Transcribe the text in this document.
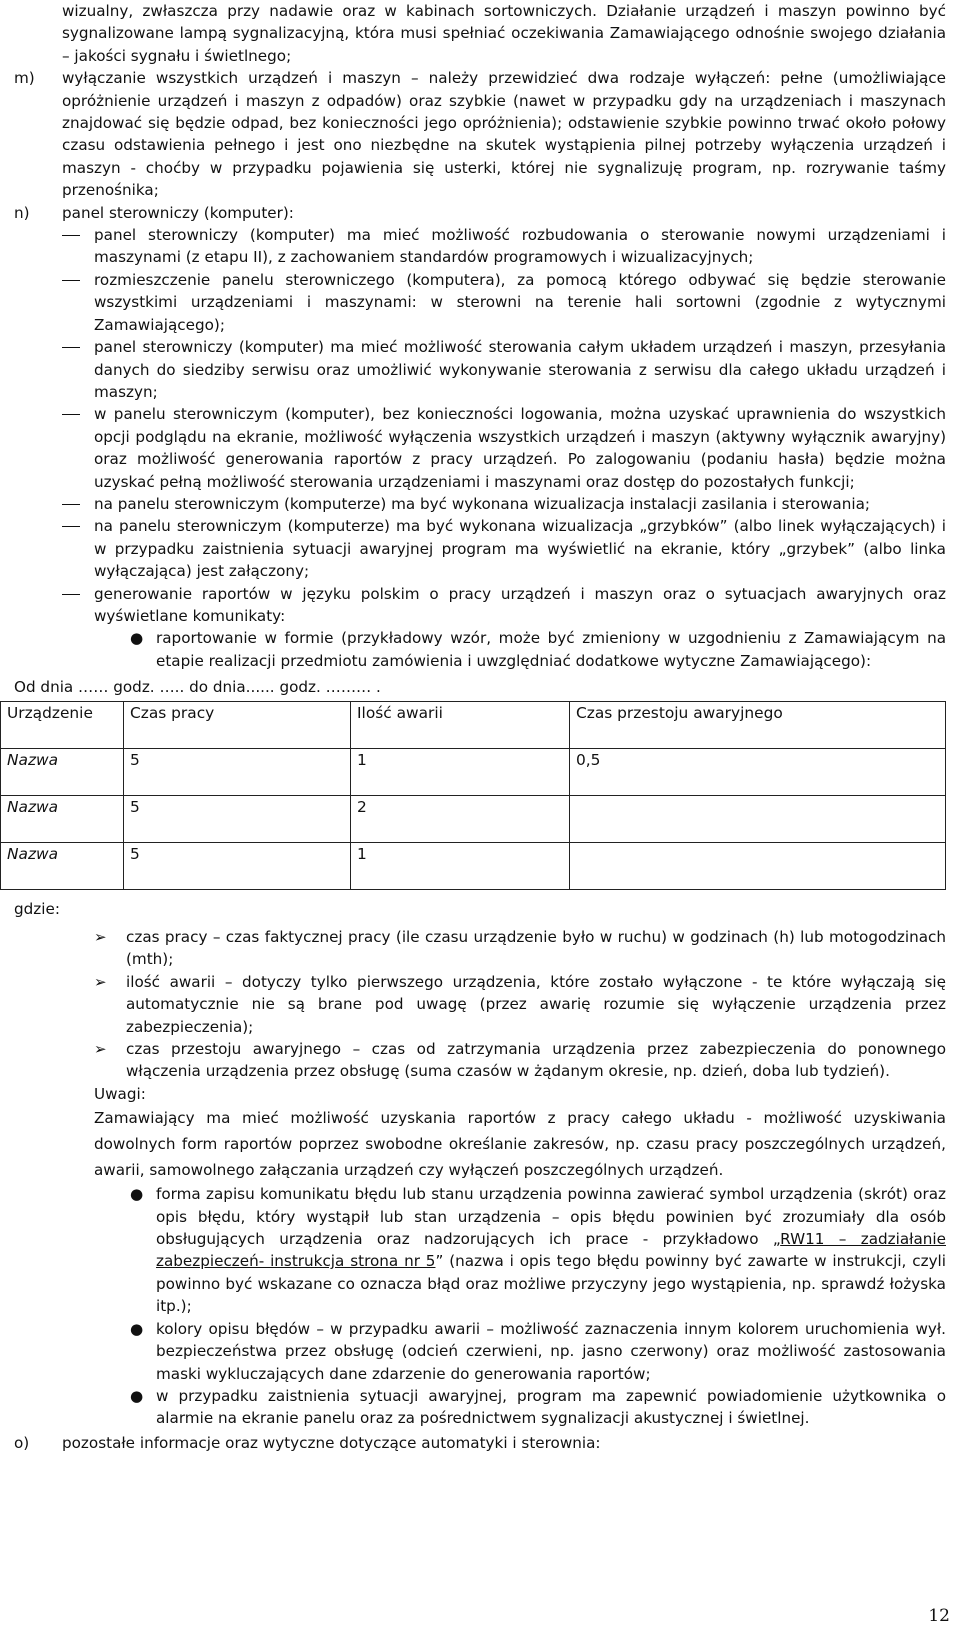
wizualny, zwłaszcza przy nadawie oraz w kabinach sortowniczych. Działanie urządzeń i maszyn powinno być sygnalizowane lampą sygnalizacyjną, która musi spełniać oczekiwania Zamawiającego odnośnie swojego działania – jakości sygnału i świetlnego;

m) wyłączanie wszystkich urządzeń i maszyn – należy przewidzieć dwa rodzaje wyłączeń: pełne (umożliwiające opróżnienie urządzeń i maszyn z odpadów) oraz szybkie (nawet w przypadku gdy na urządzeniach i maszynach znajdować się będzie odpad, bez konieczności jego opróżnienia); odstawienie szybkie powinno trwać około połowy czasu odstawienia pełnego i jest ono niezbędne na skutek wystąpienia pilnej potrzeby wyłączenia urządzeń i maszyn - choćby w przypadku pojawienia się usterki, której nie sygnalizuję program, np. rozrywanie taśmy przenośnika;

n) panel sterowniczy (komputer):

panel sterowniczy (komputer) ma mieć możliwość rozbudowania o sterowanie nowymi urządzeniami i maszynami (z etapu II), z zachowaniem standardów programowych i wizualizacyjnych;

rozmieszczenie panelu sterowniczego (komputera), za pomocą którego odbywać się będzie sterowanie wszystkimi urządzeniami i maszynami: w sterowni na terenie hali sortowni (zgodnie z wytycznymi Zamawiającego);

panel sterowniczy (komputer) ma mieć możliwość sterowania całym układem urządzeń i maszyn, przesyłania danych do siedziby serwisu oraz umożliwić wykonywanie sterowania z serwisu dla całego układu urządzeń i maszyn;

w panelu sterowniczym (komputer), bez konieczności logowania, można uzyskać uprawnienia do wszystkich opcji podglądu na ekranie, możliwość wyłączenia wszystkich urządzeń i maszyn (aktywny wyłącznik awaryjny) oraz możliwość generowania raportów z pracy urządzeń. Po zalogowaniu (podaniu hasła) będzie można uzyskać pełną możliwość sterowania urządzeniami i maszynami oraz dostęp do pozostałych funkcji;

na panelu sterowniczym (komputerze) ma być wykonana wizualizacja instalacji zasilania i sterowania;

na panelu sterowniczym (komputerze) ma być wykonana wizualizacja „grzybków” (albo linek wyłączających) i w przypadku zaistnienia sytuacji awaryjnej program ma wyświetlić na ekranie, który „grzybek” (albo linka wyłączająca) jest załączony;

generowanie raportów w języku polskim o pracy urządzeń i maszyn oraz o sytuacjach awaryjnych oraz wyświetlane komunikaty:

● raportowanie w formie (przykładowy wzór, może być zmieniony w uzgodnieniu z Zamawiającym na etapie realizacji przedmiotu zamówienia i uwzględniać dodatkowe wytyczne Zamawiającego):

Od dnia …… godz. ….. do dnia...... godz. ……… .

Urządzenie	Czas pracy	Ilość awarii	Czas przestoju awaryjnego
Nazwa	5	1	0,5
Nazwa	5	2	
Nazwa	5	1	

gdzie:

➢ czas pracy – czas faktycznej pracy (ile czasu urządzenie było w ruchu) w godzinach (h) lub motogodzinach (mth);

➢ ilość awarii – dotyczy tylko pierwszego urządzenia, które zostało wyłączone - te które wyłączają się automatycznie nie są brane pod uwagę (przez awarię rozumie się wyłączenie urządzenia przez zabezpieczenia);

➢ czas przestoju awaryjnego – czas od zatrzymania urządzenia przez zabezpieczenia do ponownego włączenia urządzenia przez obsługę (suma czasów w żądanym okresie, np. dzień, doba lub tydzień).

Uwagi:

Zamawiający ma mieć możliwość uzyskania raportów z pracy całego układu - możliwość uzyskiwania dowolnych form raportów poprzez swobodne określanie zakresów, np. czasu pracy poszczególnych urządzeń, awarii, samowolnego załączania urządzeń czy wyłączeń poszczególnych urządzeń.

● forma zapisu komunikatu błędu lub stanu urządzenia powinna zawierać symbol urządzenia (skrót) oraz opis błędu, który wystąpił lub stan urządzenia – opis błędu powinien być zrozumiały dla osób obsługujących urządzenia oraz nadzorujących ich prace - przykładowo „RW11 – zadziałanie zabezpieczeń- instrukcja strona nr 5” (nazwa i opis tego błędu powinny być zawarte w instrukcji, czyli powinno być wskazane co oznacza błąd oraz możliwe przyczyny jego wystąpienia, np. sprawdź łożyska itp.);

● kolory opisu błędów – w przypadku awarii – możliwość zaznaczenia innym kolorem uruchomienia wył. bezpieczeństwa przez obsługę (odcień czerwieni, np. jasno czerwony) oraz możliwość zastosowania maski wykluczających dane zdarzenie do generowania raportów;

● w przypadku zaistnienia sytuacji awaryjnej, program ma zapewnić powiadomienie użytkownika o alarmie na ekranie panelu oraz za pośrednictwem sygnalizacji akustycznej i świetlnej.

o) pozostałe informacje oraz wytyczne dotyczące automatyki i sterownia:

12
